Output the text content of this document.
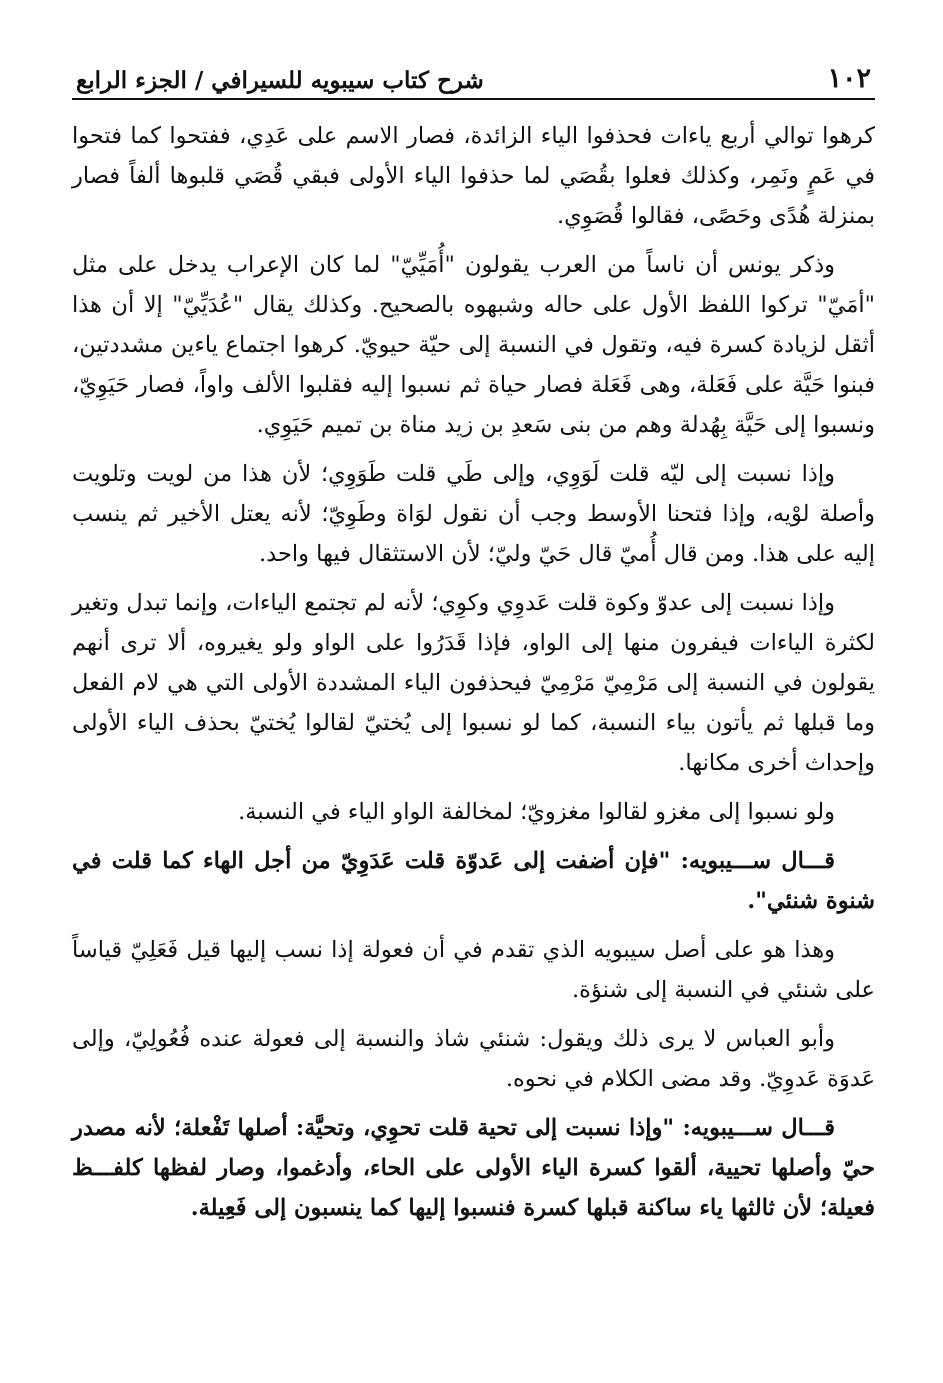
١٠٢
شرح كتاب سيبويه للسيرافي / الجزء الرابع

كرهوا توالي أربع ياءات فحذفوا الياء الزائدة، فصار الاسم على عَدِي، ففتحوا كما فتحوا في عَمٍ ونَمِر، وكذلك فعلوا بقُصَي لما حذفوا الياء الأولى فبقي قُصَي قلبوها ألفاً فصار بمنزلة هُدًى وحَصًى، فقالوا قُصَوِي.

وذكر يونس أن ناساً من العرب يقولون "أُمَيِّيّ" لما كان الإعراب يدخل على مثل "أمَيّ" تركوا اللفظ الأول على حاله وشبهوه بالصحيح. وكذلك يقال "عُدَيِّيّ" إلا أن هذا أثقل لزيادة كسرة فيه، وتقول في النسبة إلى حيّة حيويّ. كرهوا اجتماع ياءين مشددتين، فبنوا حَيَّة على فَعَلة، وهى فَعَلة فصار حياة ثم نسبوا إليه فقلبوا الألف واواً، فصار حَيَوِيّ، ونسبوا إلى حَيَّة بِهُدلة وهم من بنى سَعدِ بن زيد مناة بن تميم حَيَوِي.

وإذا نسبت إلى ليّه قلت لَوَوِي، وإلى طَي قلت طَوَوِي؛ لأن هذا من لويت وتلويت وأصلة لوْيه، وإذا فتحنا الأوسط وجب أن نقول لوَاة وطَوِيّ؛ لأنه يعتل الأخير ثم ينسب إليه على هذا. ومن قال أُميّ قال حَيّ وليّ؛ لأن الاستثقال فيها واحد.

وإذا نسبت إلى عدوّ وكوة قلت عَدوِي وكوِي؛ لأنه لم تجتمع الياءات، وإنما تبدل وتغير لكثرة الياءات فيفرون منها إلى الواو، فإذا قَدَرُوا على الواو ولو يغيروه، ألا ترى أنهم يقولون في النسبة إلى مَرْمِيّ مَرْمِيّ فيحذفون الياء المشددة الأولى التي هي لام الفعل وما قبلها ثم يأتون بياء النسبة، كما لو نسبوا إلى يُختيّ لقالوا يُختيّ بحذف الياء الأولى وإحداث أخرى مكانها.

ولو نسبوا إلى مغزو لقالوا مغزويّ؛ لمخالفة الواو الياء في النسبة.

قـــال ســـيبويه: "فإن أضفت إلى عَدوّة قلت عَدَوِيّ من أجل الهاء كما قلت في شنوة شنئي".

وهذا هو على أصل سيبويه الذي تقدم في أن فعولة إذا نسب إليها قيل فَعَلِيّ قياساً على شنئي في النسبة إلى شنؤة.

وأبو العباس لا يرى ذلك ويقول: شنئي شاذ والنسبة إلى فعولة عنده فُعُولِيّ، وإلى عَدوَة عَدوِيّ. وقد مضى الكلام في نحوه.

قـــال ســـيبويه: "وإذا نسبت إلى تحية قلت تحوِي، وتحيَّة: أصلها تَفْعلة؛ لأنه مصدر حيّ وأصلها تحيية، ألقوا كسرة الياء الأولى على الحاء، وأدغموا، وصار لفظها كلفـــظ فعيلة؛ لأن ثالثها ياء ساكنة قبلها كسرة فنسبوا إليها كما ينسبون إلى فَعِيلة.
